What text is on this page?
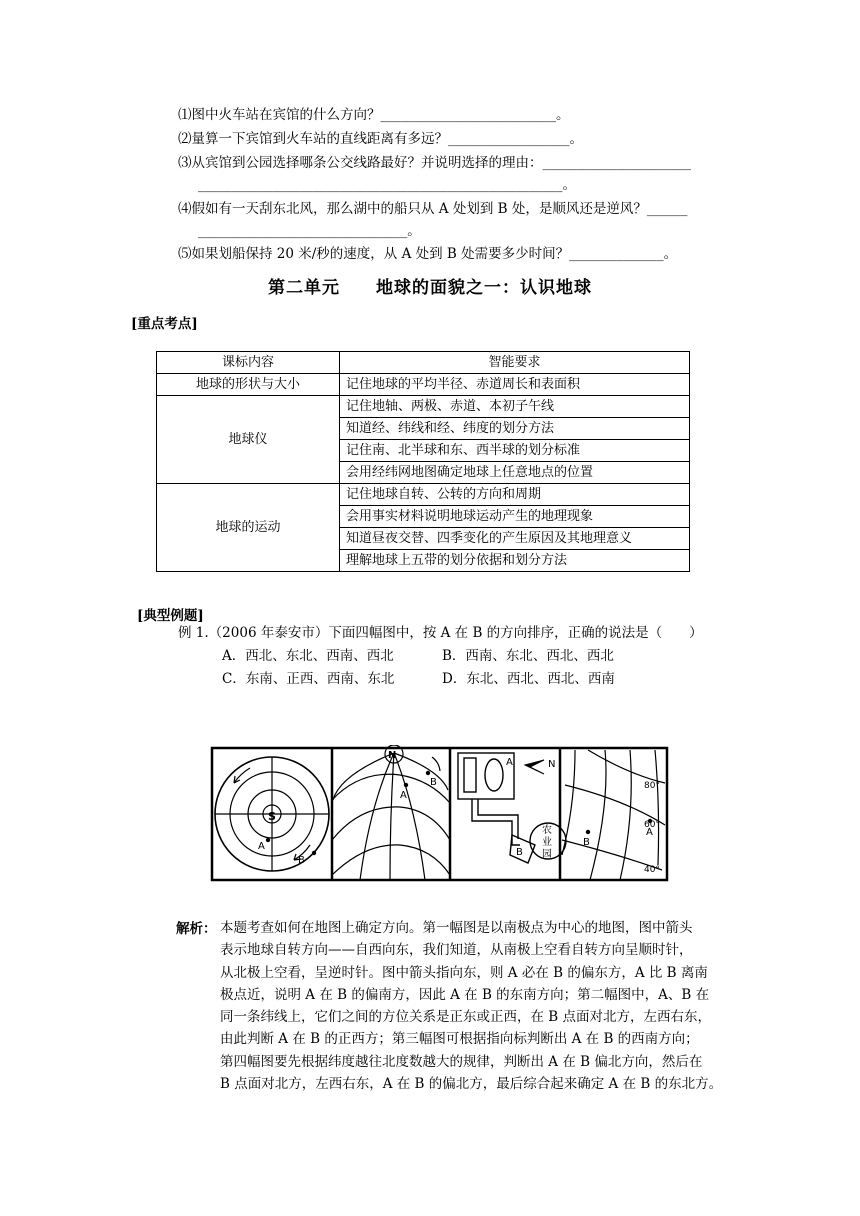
⑴图中火车站在宾馆的什么方向？__________________________。
⑵量算一下宾馆到火车站的直线距离有多远？__________________。
⑶从宾馆到公园选择哪条公交线路最好？并说明选择的理由：______________________
______________________________________________________。
⑷假如有一天刮东北风，那么湖中的船只从 A 处划到 B 处，是顺风还是逆风？______
_______________________________。
⑸如果划船保持 20 米/秒的速度，从 A 处到 B 处需要多少时间？______________。
第二单元　　地球的面貌之一：认识地球
[重点考点]
课标内容	智能要求
地球的形状与大小	记住地球的平均半径、赤道周长和表面积
地球仪	记住地轴、两极、赤道、本初子午线
	知道经、纬线和经、纬度的划分方法
	记住南、北半球和东、西半球的划分标准
	会用经纬网地图确定地球上任意地点的位置
地球的运动	记住地球自转、公转的方向和周期
	会用事实材料说明地球运动产生的地理现象
	知道昼夜交替、四季变化的产生原因及其地理意义
	理解地球上五带的划分依据和划分方法
[典型例题]
例 1.（2006 年泰安市）下面四幅图中，按 A 在 B 的方向排序，正确的说法是（　　）
A．西北、东北、西南、西北	B．西南、东北、西北、西北
C．东南、正西、西南、东北	D．东北、西北、西北、西南
S
A
B
N
A
B
A	N
B
农
业
园
A
B
80°
60°
40°
解析： 本题考查如何在地图上确定方向。第一幅图是以南极点为中心的地图，图中箭头
表示地球自转方向——自西向东，我们知道，从南极上空看自转方向呈顺时针，
从北极上空看，呈逆时针。图中箭头指向东，则 A 必在 B 的偏东方，A 比 B 离南
极点近，说明 A 在 B 的偏南方，因此 A 在 B 的东南方向；第二幅图中，A、B 在
同一条纬线上，它们之间的方位关系是正东或正西，在 B 点面对北方，左西右东，
由此判断 A 在 B 的正西方；第三幅图可根据指向标判断出 A 在 B 的西南方向；
第四幅图要先根据纬度越往北度数越大的规律，判断出 A 在 B 偏北方向，然后在
B 点面对北方，左西右东，A 在 B 的偏北方，最后综合起来确定 A 在 B 的东北方。
